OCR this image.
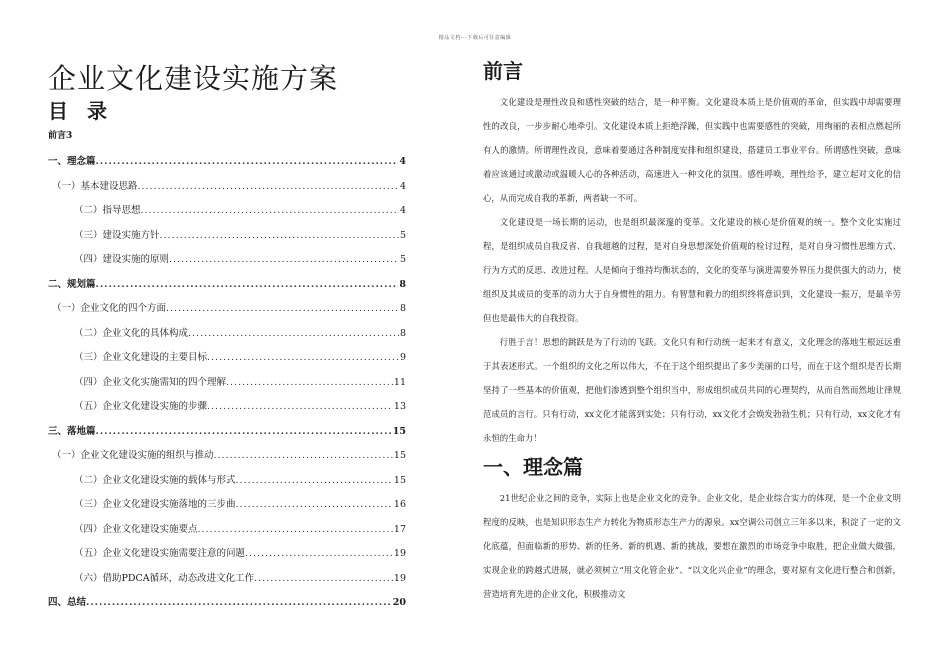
精品文档---下载后可任意编辑
企业文化建设实施方案
目 录
前言3
一、理念篇 .....	4
（一）基本建设思路 .....	4
（二）指导思想 .....	4
（三）建设实施方针 .....	5
（四）建设实施的原则 .....	5
二、规划篇 .....	8
（一）企业文化的四个方面 .....	8
（二）企业文化的具体构成 .....	8
（三）企业文化建设的主要目标 .....	9
（四）企业文化实施需知的四个理解 .....	11
（五）企业文化建设实施的步骤 .....	13
三、落地篇 .....	15
（一）企业文化建设实施的组织与推动 .....	15
（二）企业文化建设实施的载体与形式 .....	15
（三）企业文化建设实施落地的三步曲 .....	16
（四）企业文化建设实施要点 .....	17
（五）企业文化建设实施需要注意的问题 .....	19
（六）借助PDCA循环，动态改进文化工作 .....	19
四、总结 .....	20
前言

文化建设是理性改良和感性突破的结合，是一种平衡。文化建设本质上是价值观的革命，但实践中却需要理性的改良，一步步耐心地牵引。文化建设本质上拒绝浮躁，但实践中也需要感性的突破，用绚丽的表相点燃起所有人的激情。所谓理性改良，意味着要通过各种制度安排和组织建设，搭建员工事业平台。所谓感性突破，意味着应该通过或激动或温暖人心的各种活动，高速进入一种文化的氛围。感性呼唤，理性给予，建立起对文化的信心，从而完成自我的革新，两者缺一不可。

文化建设是一场长期的运动，也是组织最深邃的变革。文化建设的核心是价值观的统一。整个文化实施过程，是组织成员自我反省、自我超越的过程，是对自身思想深处价值观的检讨过程，是对自身习惯性思维方式、行为方式的反思、改进过程。人是倾向于维持均衡状态的，文化的变革与演进需要外界压力提供强大的动力，使组织及其成员的变革的动力大于自身惯性的阻力。有智慧和毅力的组织终将意识到，文化建设一振万，是最辛劳但也是最伟大的自我投资。

行胜于言！思想的跳跃是为了行动的飞跃。文化只有和行动统一起来才有意义，文化理念的落地生根远远重于其表述形式。一个组织的文化之所以伟大，不在于这个组织提出了多少美丽的口号，而在于这个组织是否长期坚持了一些基本的价值观，把他们渗透到整个组织当中，形成组织成员共同的心理契约，从而自然而然地让律规范成员的言行。只有行动，xx文化才能落到实处；只有行动，xx文化才会焕发勃勃生机；只有行动，xx文化才有永恒的生命力！

一、理念篇

21世纪企业之间的竞争，实际上也是企业文化的竞争。企业文化，是企业综合实力的体现，是一个企业文明程度的反映，也是知识形态生产力转化为物质形态生产力的源泉。xx空调公司创立三年多以来，积淀了一定的文化底蕴，但面临新的形势、新的任务、新的机遇、新的挑战，要想在激烈的市场竞争中取胜，把企业做大做强，实现企业的跨越式进展，就必须树立“用文化管企业”、“以文化兴企业”的理念，要对原有文化进行整合和创新，营造培育先进的企业文化，积极推动文
